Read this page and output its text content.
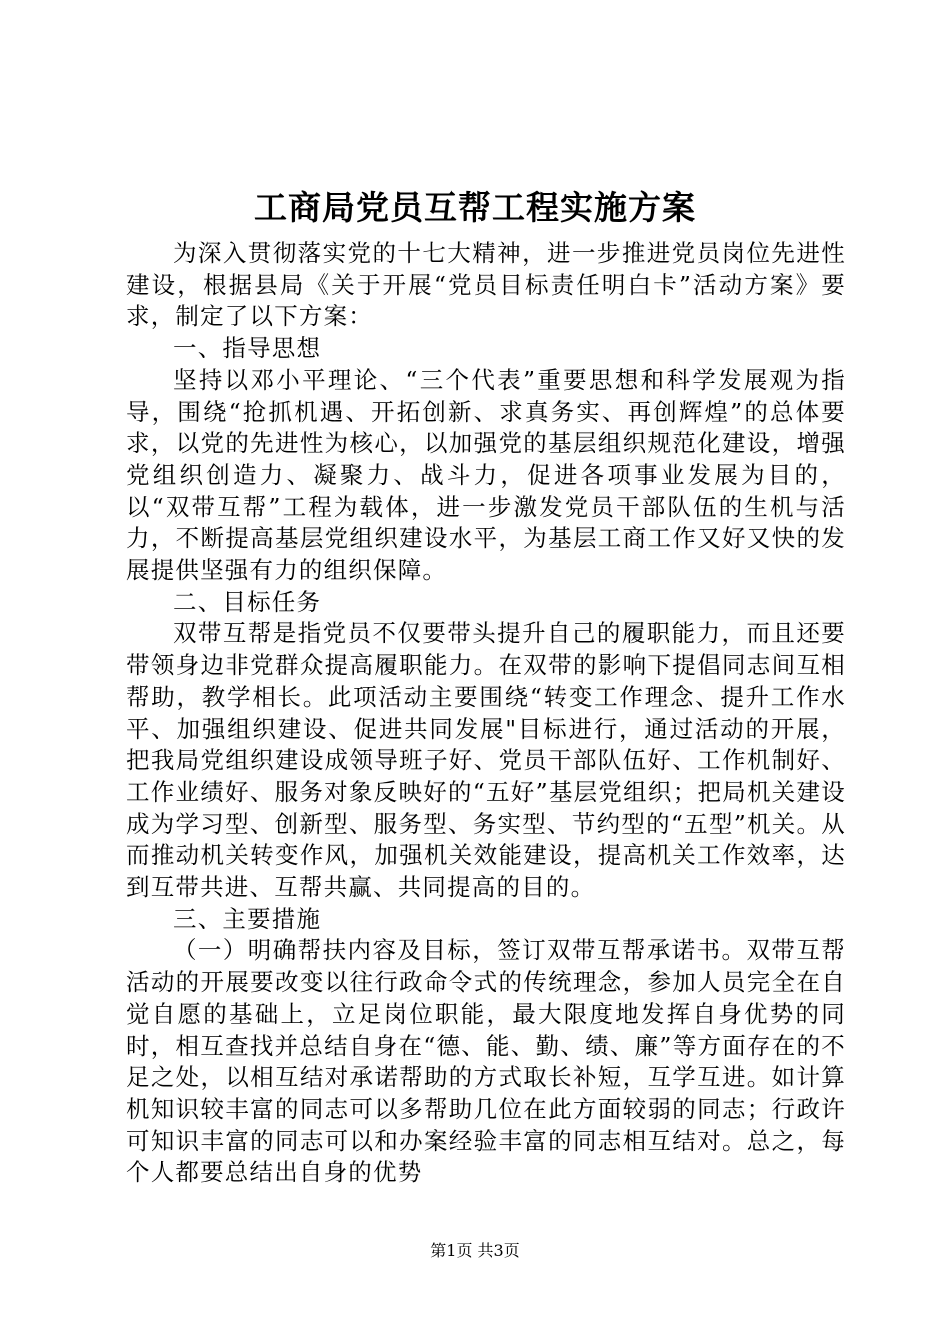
工商局党员互帮工程实施方案

为深入贯彻落实党的十七大精神，进一步推进党员岗位先进性建设，根据县局《关于开展“党员目标责任明白卡”活动方案》要求，制定了以下方案：

一、指导思想

坚持以邓小平理论、“三个代表”重要思想和科学发展观为指导，围绕“抢抓机遇、开拓创新、求真务实、再创辉煌”的总体要求，以党的先进性为核心，以加强党的基层组织规范化建设，增强党组织创造力、凝聚力、战斗力，促进各项事业发展为目的，以“双带互帮”工程为载体，进一步激发党员干部队伍的生机与活力，不断提高基层党组织建设水平，为基层工商工作又好又快的发展提供坚强有力的组织保障。

二、目标任务

双带互帮是指党员不仅要带头提升自己的履职能力，而且还要带领身边非党群众提高履职能力。在双带的影响下提倡同志间互相帮助，教学相长。此项活动主要围绕“转变工作理念、提升工作水平、加强组织建设、促进共同发展"目标进行，通过活动的开展，把我局党组织建设成领导班子好、党员干部队伍好、工作机制好、工作业绩好、服务对象反映好的“五好”基层党组织；把局机关建设成为学习型、创新型、服务型、务实型、节约型的“五型”机关。从而推动机关转变作风，加强机关效能建设，提高机关工作效率，达到互带共进、互帮共赢、共同提高的目的。

三、主要措施

（一）明确帮扶内容及目标，签订双带互帮承诺书。双带互帮活动的开展要改变以往行政命令式的传统理念，参加人员完全在自觉自愿的基础上，立足岗位职能，最大限度地发挥自身优势的同时，相互查找并总结自身在“德、能、勤、绩、廉”等方面存在的不足之处，以相互结对承诺帮助的方式取长补短，互学互进。如计算机知识较丰富的同志可以多帮助几位在此方面较弱的同志；行政许可知识丰富的同志可以和办案经验丰富的同志相互结对。总之，每个人都要总结出自身的优势

第1页 共3页
